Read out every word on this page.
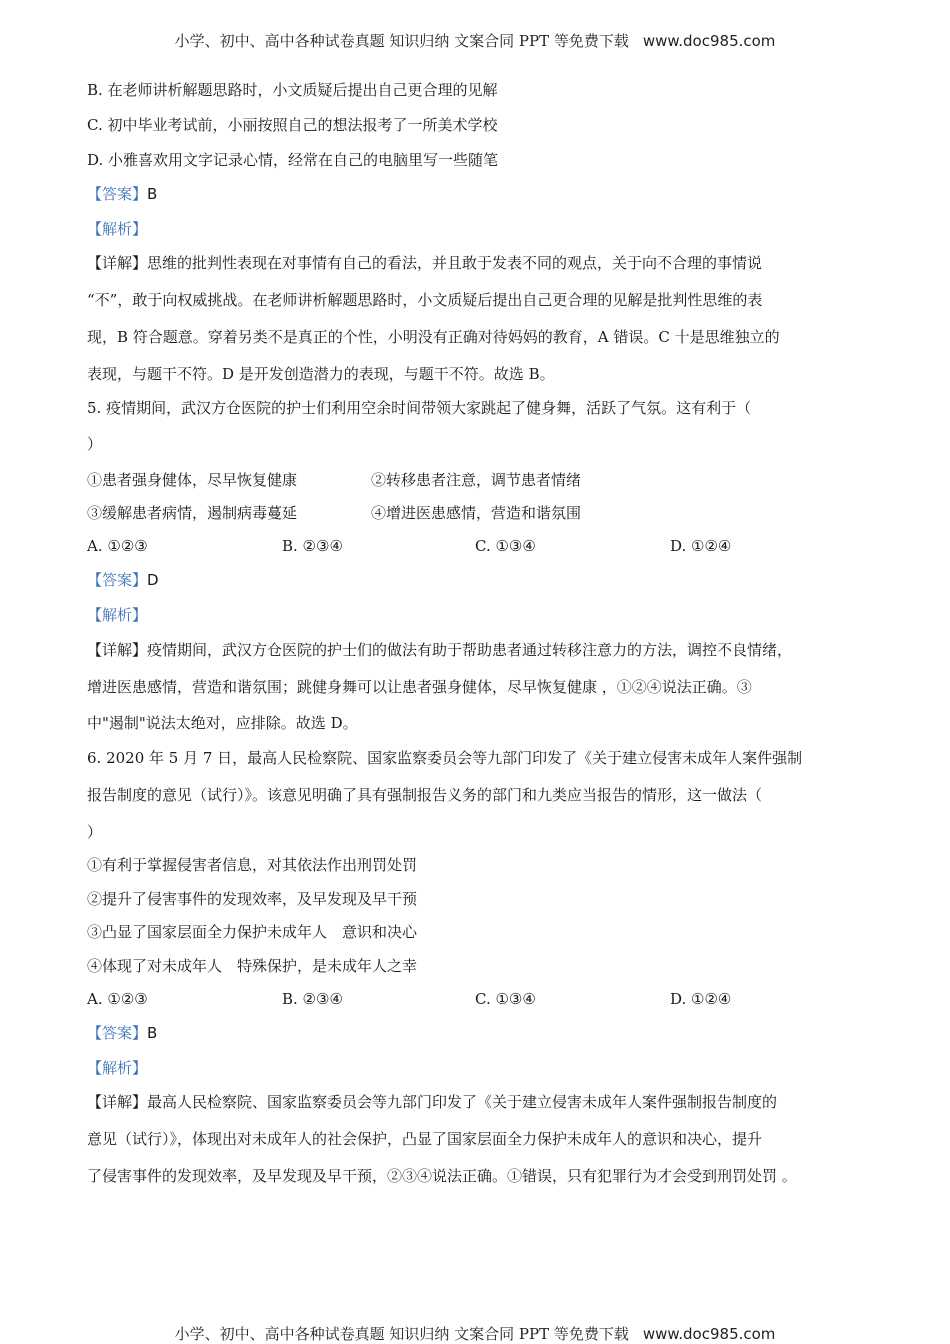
小学、初中、高中各种试卷真题 知识归纳 文案合同 PPT 等免费下载 www.doc985.com
B. 在老师讲析解题思路时，小文质疑后提出自己更合理的见解
C. 初中毕业考试前，小丽按照自己的想法报考了一所美术学校
D. 小雅喜欢用文字记录心情，经常在自己的电脑里写一些随笔
【答案】B
【解析】
【详解】思维的批判性表现在对事情有自己的看法，并且敢于发表不同的观点，关于向不合理的事情说
“不”，敢于向权威挑战。在老师讲析解题思路时，小文质疑后提出自己更合理的见解是批判性思维的表
现，B 符合题意。穿着另类不是真正的个性，小明没有正确对待妈妈的教育，A 错误。C 十是思维独立的
表现，与题干不符。D 是开发创造潜力的表现，与题干不符。故选 B。
5. 疫情期间，武汉方仓医院的护士们利用空余时间带领大家跳起了健身舞，活跃了气氛。这有利于（
）
①患者强身健体，尽早恢复健康	②转移患者注意，调节患者情绪
③缓解患者病情，遏制病毒蔓延	④增进医患感情，营造和谐氛围
A. ①②③	B. ②③④	C. ①③④	D. ①②④
【答案】D
【解析】
【详解】疫情期间，武汉方仓医院的护士们的做法有助于帮助患者通过转移注意力的方法，调控不良情绪，
增进医患感情，营造和谐氛围；跳健身舞可以让患者强身健体，尽早恢复健康 ，①②④说法正确。③
中"遏制"说法太绝对，应排除。故选 D。
6. 2020 年 5 月 7 日，最高人民检察院、国家监察委员会等九部门印发了《关于建立侵害未成年人案件强制
报告制度的意见（试行）》。该意见明确了具有强制报告义务的部门和九类应当报告的情形，这一做法（
）
①有利于掌握侵害者信息，对其依法作出刑罚处罚
②提升了侵害事件的发现效率，及早发现及早干预
③凸显了国家层面全力保护未成年人　意识和决心
④体现了对未成年人　特殊保护，是未成年人之幸
A. ①②③	B. ②③④	C. ①③④	D. ①②④
【答案】B
【解析】
【详解】最高人民检察院、国家监察委员会等九部门印发了《关于建立侵害未成年人案件强制报告制度的
意见（试行）》，体现出对未成年人的社会保护，凸显了国家层面全力保护未成年人的意识和决心，提升
了侵害事件的发现效率，及早发现及早干预，②③④说法正确。①错误，只有犯罪行为才会受到刑罚处罚 。
小学、初中、高中各种试卷真题 知识归纳 文案合同 PPT 等免费下载 www.doc985.com
